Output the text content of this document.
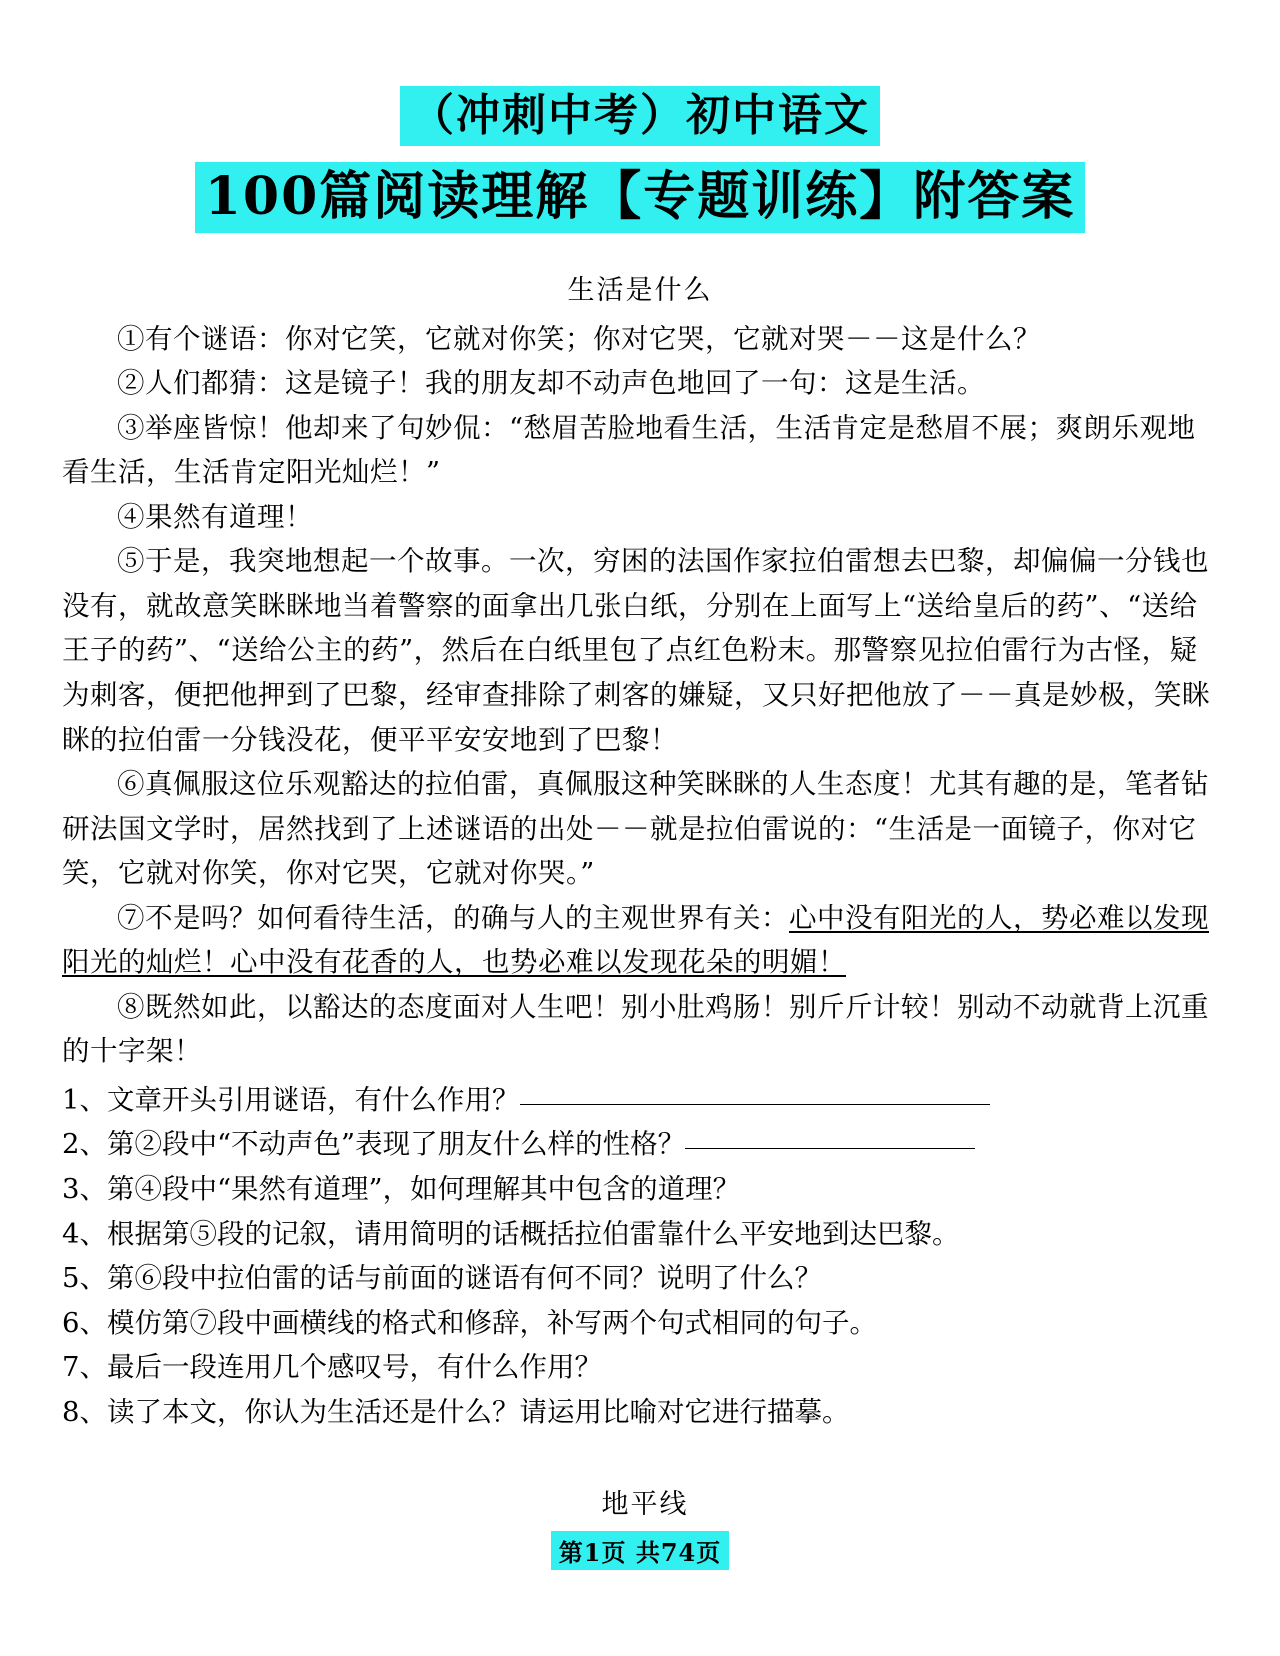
（冲刺中考）初中语文
100篇阅读理解【专题训练】附答案
生活是什么

①有个谜语：你对它笑，它就对你笑；你对它哭，它就对哭－－这是什么？

②人们都猜：这是镜子！我的朋友却不动声色地回了一句：这是生活。

③举座皆惊！他却来了句妙侃：“愁眉苦脸地看生活，生活肯定是愁眉不展；爽朗乐观地看生活，生活肯定阳光灿烂！”

④果然有道理！

⑤于是，我突地想起一个故事。一次，穷困的法国作家拉伯雷想去巴黎，却偏偏一分钱也没有，就故意笑眯眯地当着警察的面拿出几张白纸，分别在上面写上“送给皇后的药”、“送给王子的药”、“送给公主的药”，然后在白纸里包了点红色粉末。那警察见拉伯雷行为古怪，疑为刺客，便把他押到了巴黎，经审查排除了刺客的嫌疑，又只好把他放了－－真是妙极，笑眯眯的拉伯雷一分钱没花，便平平安安地到了巴黎！

⑥真佩服这位乐观豁达的拉伯雷，真佩服这种笑眯眯的人生态度！尤其有趣的是，笔者钻研法国文学时，居然找到了上述谜语的出处－－就是拉伯雷说的：“生活是一面镜子，你对它笑，它就对你笑，你对它哭，它就对你哭。”

⑦不是吗？如何看待生活，的确与人的主观世界有关：心中没有阳光的人，势必难以发现阳光的灿烂！心中没有花香的人，也势必难以发现花朵的明媚！

⑧既然如此，以豁达的态度面对人生吧！别小肚鸡肠！别斤斤计较！别动不动就背上沉重的十字架！

1、文章开头引用谜语，有什么作用？

2、第②段中“不动声色”表现了朋友什么样的性格？

3、第④段中“果然有道理”，如何理解其中包含的道理？

4、根据第⑤段的记叙，请用简明的话概括拉伯雷靠什么平安地到达巴黎。

5、第⑥段中拉伯雷的话与前面的谜语有何不同？说明了什么？

6、模仿第⑦段中画横线的格式和修辞，补写两个句式相同的句子。

7、最后一段连用几个感叹号，有什么作用？

8、读了本文，你认为生活还是什么？请运用比喻对它进行描摹。

地平线
第1页 共74页
